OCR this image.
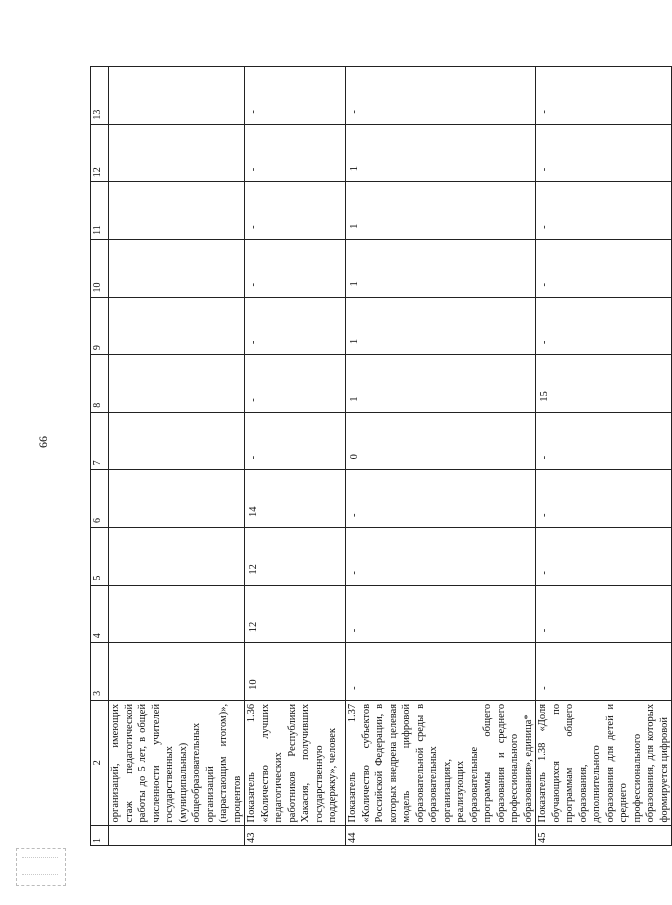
66
1	2	3	4	5	6	7	8	9	10	11	12	13
	организаций, имеющих стаж педагогической работы до 5 лет, в общей численности учителей государственных (муниципальных) общеобразовательных организаций (нарастающим итогом)», процентов											
43	Показатель 1.36 «Количество лучших педагогических работников Республики Хакасия, получивших государственную поддержку», человек	10	12	12	14	-	-	-	-	-	-	-
44	Показатель 1.37 «Количество субъектов Российской Федерации, в которых внедрена целевая модель цифровой образовательной среды в образовательных организациях, реализующих образовательные программы общего образования и среднего профессионального образования», единица*	-	-	-	-	0	1	1	1	1	1	-
45	Показатель 1.38 «Доля обучающихся по программам общего образования, дополнительного образования для детей и среднего профессионального образования, для которых формируется цифровой	-	-	-	-	-	15	-	-	-	-	-
